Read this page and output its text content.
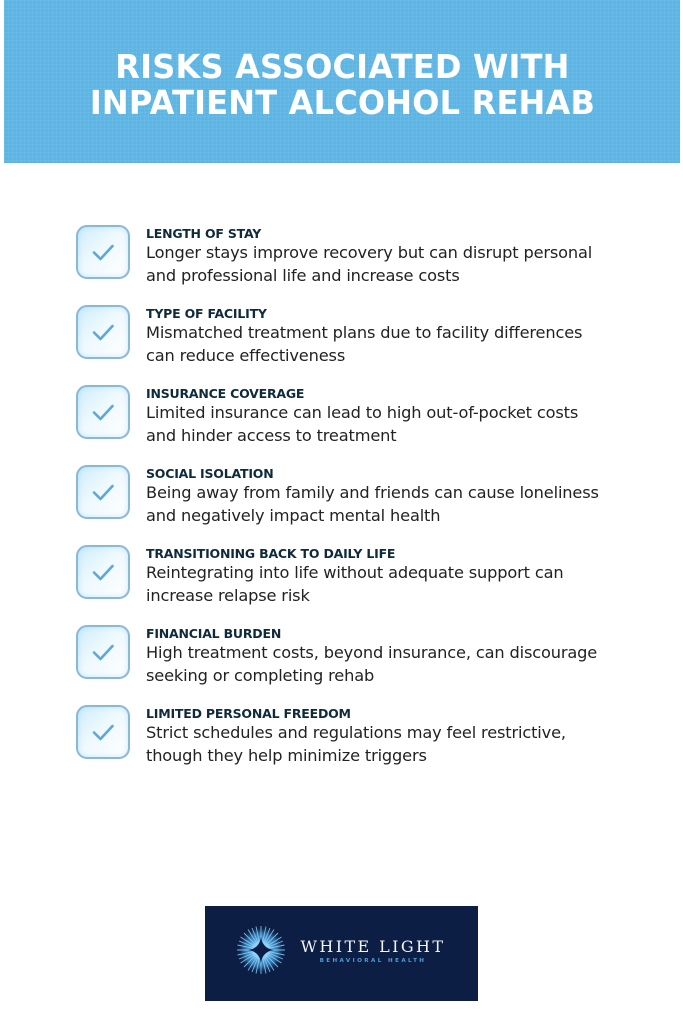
RISKS ASSOCIATED WITH
INPATIENT ALCOHOL REHAB
LENGTH OF STAY
Longer stays improve recovery but can disrupt personal
and professional life and increase costs
TYPE OF FACILITY
Mismatched treatment plans due to facility differences
can reduce effectiveness
INSURANCE COVERAGE
Limited insurance can lead to high out-of-pocket costs
and hinder access to treatment
SOCIAL ISOLATION
Being away from family and friends can cause loneliness
and negatively impact mental health
TRANSITIONING BACK TO DAILY LIFE
Reintegrating into life without adequate support can
increase relapse risk
FINANCIAL BURDEN
High treatment costs, beyond insurance, can discourage
seeking or completing rehab
LIMITED PERSONAL FREEDOM
Strict schedules and regulations may feel restrictive,
though they help minimize triggers
WHITE LIGHT
BEHAVIORAL HEALTH
